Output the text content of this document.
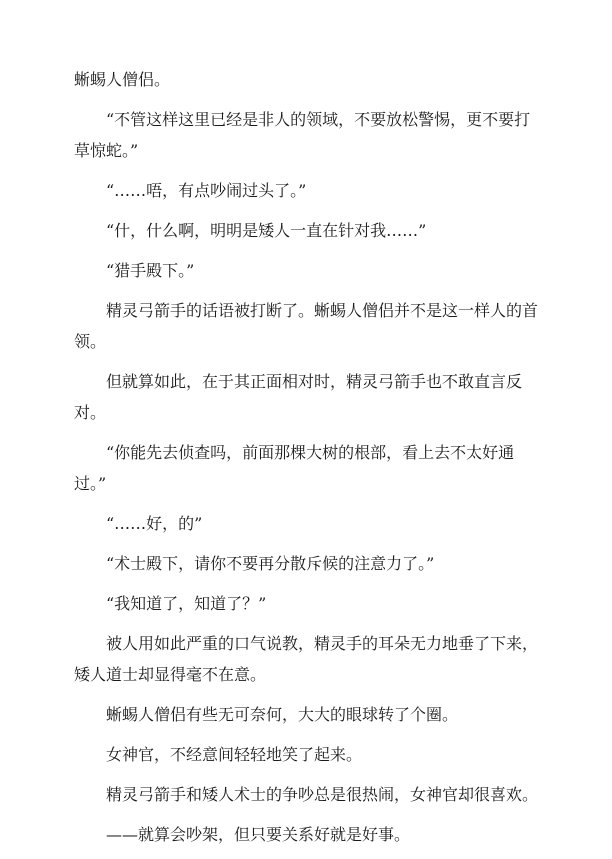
蜥蜴人僧侣。

“不管这样这里已经是非人的领域，不要放松警惕，更不要打草惊蛇。”

“……唔，有点吵闹过头了。”

“什，什么啊，明明是矮人一直在针对我……”

“猎手殿下。”

精灵弓箭手的话语被打断了。蜥蜴人僧侣并不是这一样人的首领。

但就算如此，在于其正面相对时，精灵弓箭手也不敢直言反对。

“你能先去侦查吗，前面那棵大树的根部，看上去不太好通过。”

“……好，的”

“术士殿下，请你不要再分散斥候的注意力了。”

“我知道了，知道了？”

被人用如此严重的口气说教，精灵手的耳朵无力地垂了下来，矮人道士却显得毫不在意。

蜥蜴人僧侣有些无可奈何，大大的眼球转了个圈。

女神官，不经意间轻轻地笑了起来。

精灵弓箭手和矮人术士的争吵总是很热闹，女神官却很喜欢。

——就算会吵架，但只要关系好就是好事。
